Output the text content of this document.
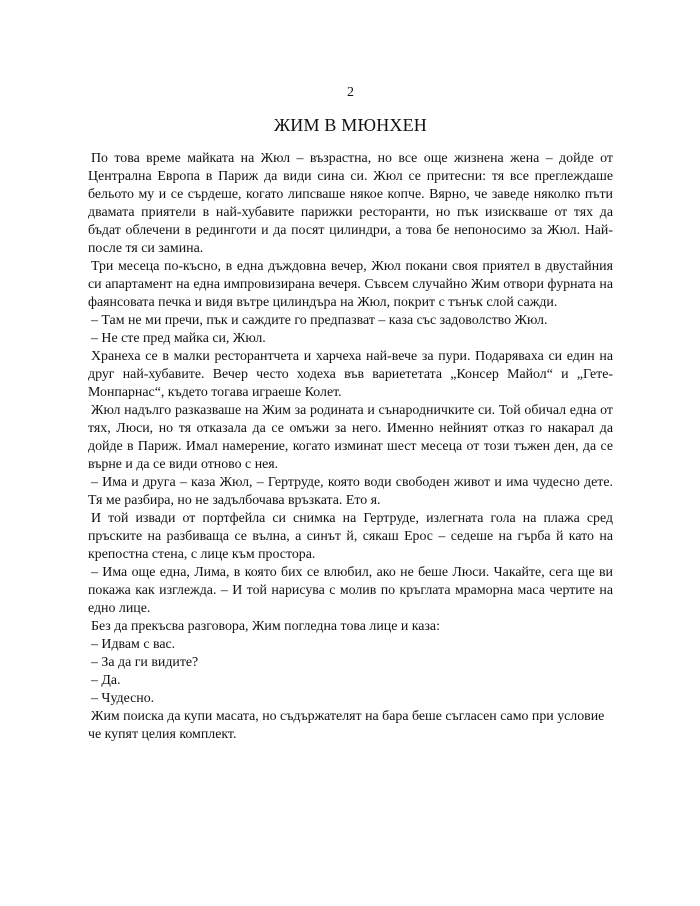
2
ЖИМ В МЮНХЕН

По това време майката на Жюл – възрастна, но все още жизнена жена – дойде от Централна Европа в Париж да види сина си. Жюл се притесни: тя все преглеждаше бельото му и се сърдеше, когато липсваше някое копче. Вярно, че заведе няколко пъти двамата приятели в най-хубавите парижки ресторанти, но пък изискваше от тях да бъдат облечени в рединготи и да посят цилиндри, а това бе непоносимо за Жюл. Най-после тя си замина.

Три месеца по-късно, в една дъждовна вечер, Жюл покани своя приятел в двустайния си апартамент на една импровизирана вечеря. Съвсем случайно Жим отвори фурната на фаянсовата печка и видя вътре цилиндъра на Жюл, покрит с тънък слой сажди.

– Там не ми пречи, пък и саждите го предпазват – каза със задоволство Жюл.

– Не сте пред майка си, Жюл.

Хранеха се в малки ресторантчета и харчеха най-вече за пури. Подаряваха си един на друг най-хубавите. Вечер често ходеха във вариететата „Консер Майол“ и „Гете-Монпарнас“, където тогава играеше Колет.

Жюл надълго разказваше на Жим за родината и сънародничките си. Той обичал една от тях, Люси, но тя отказала да се омъжи за него. Именно нейният отказ го накарал да дойде в Париж. Имал намерение, когато изминат шест месеца от този тъжен ден, да се върне и да се види отново с нея.

– Има и друга – каза Жюл, – Гертруде, която води свободен живот и има чудесно дете. Тя ме разбира, но не задълбочава връзката. Ето я.

И той извади от портфейла си снимка на Гертруде, излегната гола на плажа сред пръските на разбиваща се вълна, а синът й, сякаш Ерос – седеше на гърба й като на крепостна стена, с лице към простора.

– Има още една, Лима, в която бих се влюбил, ако не беше Люси. Чакайте, сега ще ви покажа как изглежда. – И той нарисува с молив по кръглата мраморна маса чертите на едно лице.

Без да прекъсва разговора, Жим погледна това лице и каза:

– Идвам с вас.

– За да ги видите?

– Да.

– Чудесно.

Жим поиска да купи масата, но съдържателят на бара беше съгласен само при условие че купят целия комплект.
